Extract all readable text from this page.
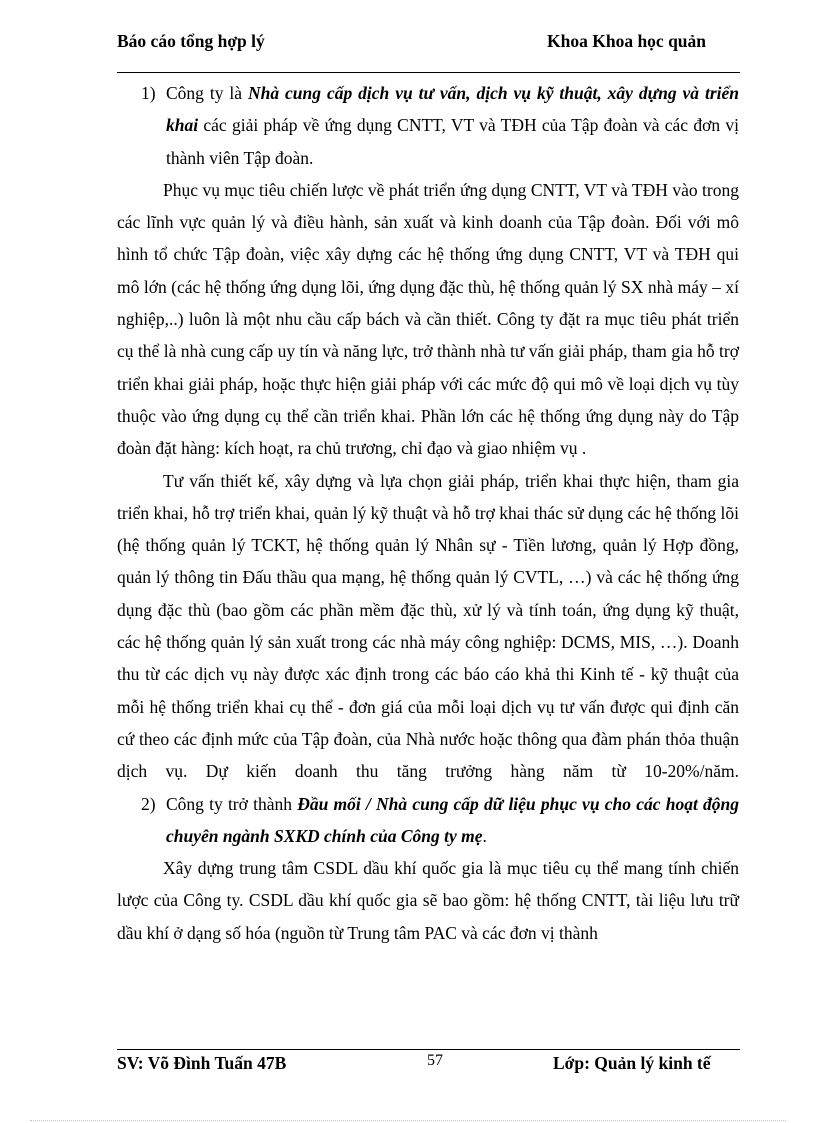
Báo cáo tổng hợp lý	Khoa Khoa học quản

1) Công ty là Nhà cung cấp dịch vụ tư vấn, dịch vụ kỹ thuật, xây dựng và triển khai các giải pháp về ứng dụng CNTT, VT và TĐH của Tập đoàn và các đơn vị thành viên Tập đoàn.

Phục vụ mục tiêu chiến lược về phát triển ứng dụng CNTT, VT và TĐH vào trong các lĩnh vực quản lý và điều hành, sản xuất và kinh doanh của Tập đoàn. Đối với mô hình tổ chức Tập đoàn, việc xây dựng các hệ thống ứng dụng CNTT, VT và TĐH qui mô lớn (các hệ thống ứng dụng lõi, ứng dụng đặc thù, hệ thống quản lý SX nhà máy – xí nghiệp,..) luôn là một nhu cầu cấp bách và cần thiết. Công ty đặt ra mục tiêu phát triển cụ thể là nhà cung cấp uy tín và năng lực, trở thành nhà tư vấn giải pháp, tham gia hỗ trợ triển khai giải pháp, hoặc thực hiện giải pháp với các mức độ qui mô về loại dịch vụ tùy thuộc vào ứng dụng cụ thể cần triển khai. Phần lớn các hệ thống ứng dụng này do Tập đoàn đặt hàng: kích hoạt, ra chủ trương, chỉ đạo và giao nhiệm vụ .

Tư vấn thiết kế, xây dựng và lựa chọn giải pháp, triển khai thực hiện, tham gia triển khai, hỗ trợ triển khai, quản lý kỹ thuật và hỗ trợ khai thác sử dụng các hệ thống lõi (hệ thống quản lý TCKT, hệ thống quản lý Nhân sự - Tiền lương, quản lý Hợp đồng, quản lý thông tin Đấu thầu qua mạng, hệ thống quản lý CVTL, …) và các hệ thống ứng dụng đặc thù (bao gồm các phần mềm đặc thù, xử lý và tính toán, ứng dụng kỹ thuật, các hệ thống quản lý sản xuất trong các nhà máy công nghiệp: DCMS, MIS, …). Doanh thu từ các dịch vụ này được xác định trong các báo cáo khả thi Kinh tế - kỹ thuật của mỗi hệ thống triển khai cụ thể - đơn giá của mỗi loại dịch vụ tư vấn được qui định căn cứ theo các định mức của Tập đoàn, của Nhà nước hoặc thông qua đàm phán thỏa thuận dịch vụ. Dự kiến doanh thu tăng trưởng hàng năm từ 10-20%/năm.

2) Công ty trở thành Đầu mối / Nhà cung cấp dữ liệu phục vụ cho các hoạt động chuyên ngành SXKD chính của Công ty mẹ.

Xây dựng trung tâm CSDL dầu khí quốc gia là mục tiêu cụ thể mang tính chiến lược của Công ty. CSDL dầu khí quốc gia sẽ bao gồm: hệ thống CNTT, tài liệu lưu trữ dầu khí ở dạng số hóa (nguồn từ Trung tâm PAC và các đơn vị thành

SV: Võ Đình Tuấn 47B	57	Lớp: Quản lý kinh tế
